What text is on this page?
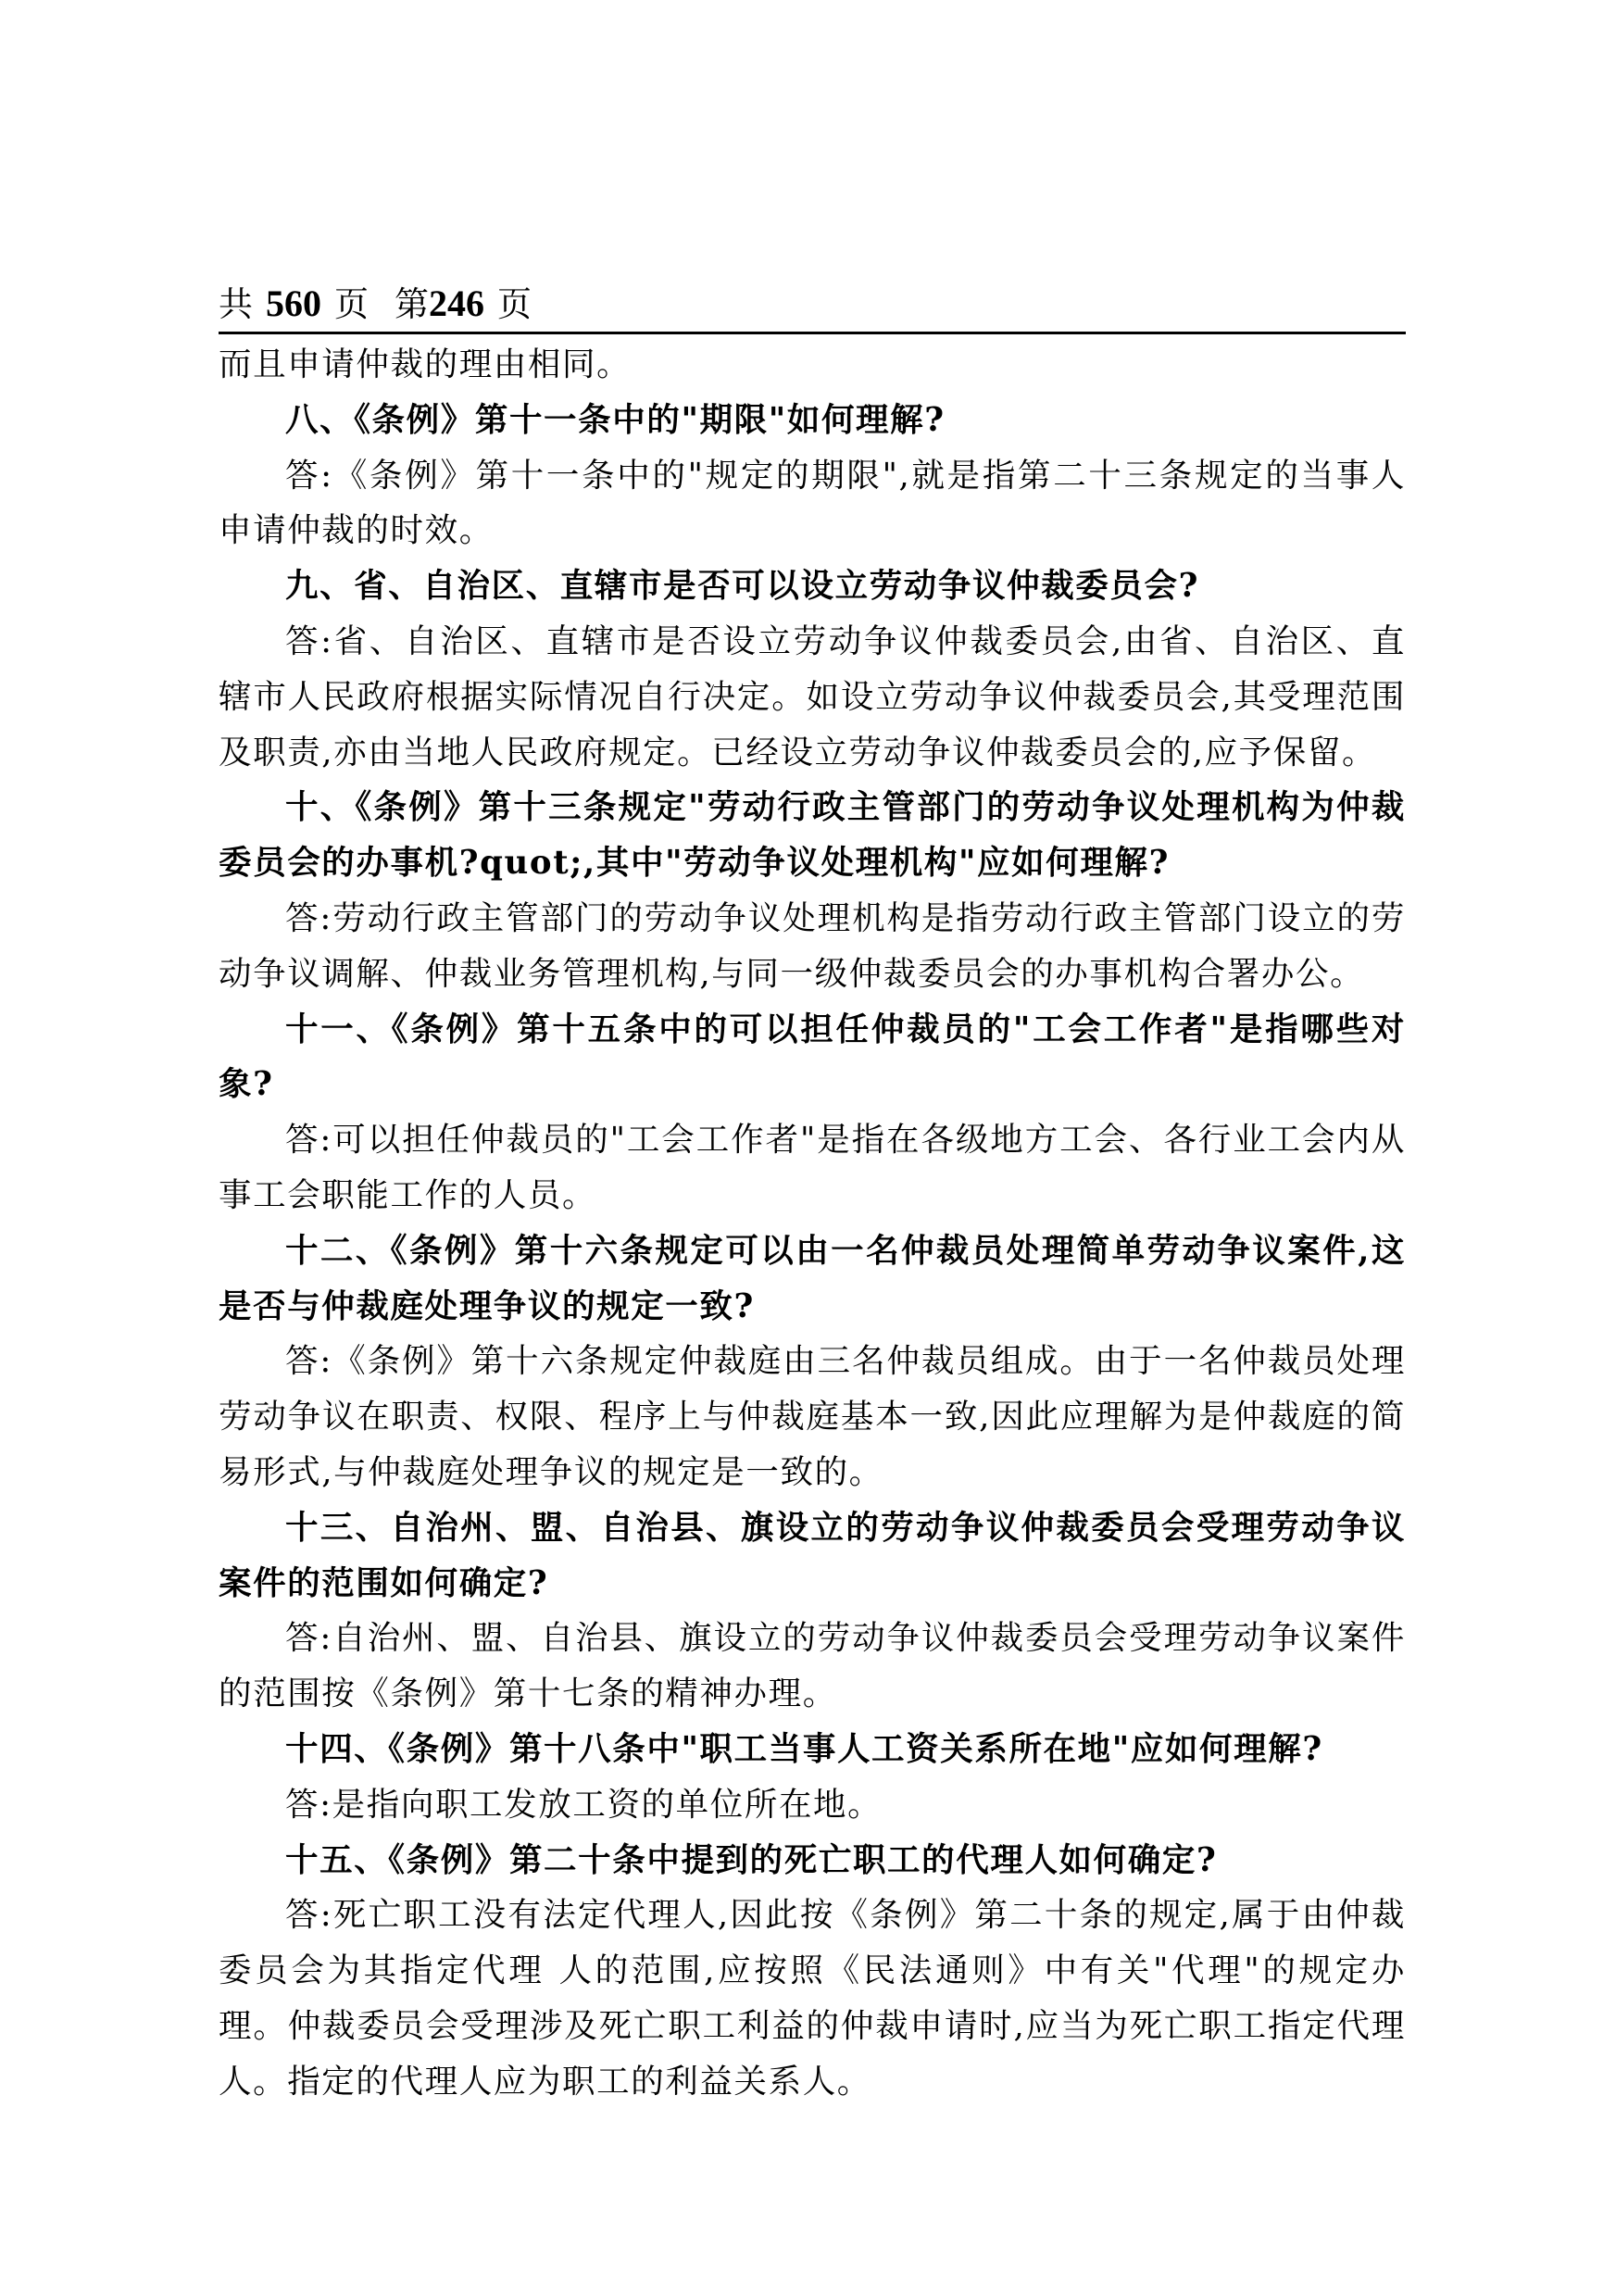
共 560 页 第246 页

而且申请仲裁的理由相同。

八、《条例》第十一条中的"期限"如何理解?

答:《条例》第十一条中的"规定的期限",就是指第二十三条规定的当事人申请仲裁的时效。

九、省、自治区、直辖市是否可以设立劳动争议仲裁委员会?

答:省、自治区、直辖市是否设立劳动争议仲裁委员会,由省、自治区、直辖市人民政府根据实际情况自行决定。如设立劳动争议仲裁委员会,其受理范围及职责,亦由当地人民政府规定。已经设立劳动争议仲裁委员会的,应予保留。

十、《条例》第十三条规定"劳动行政主管部门的劳动争议处理机构为仲裁委员会的办事机?quot;,其中"劳动争议处理机构"应如何理解?

答:劳动行政主管部门的劳动争议处理机构是指劳动行政主管部门设立的劳动争议调解、仲裁业务管理机构,与同一级仲裁委员会的办事机构合署办公。

十一、《条例》第十五条中的可以担任仲裁员的"工会工作者"是指哪些对象?

答:可以担任仲裁员的"工会工作者"是指在各级地方工会、各行业工会内从事工会职能工作的人员。

十二、《条例》第十六条规定可以由一名仲裁员处理简单劳动争议案件,这是否与仲裁庭处理争议的规定一致?

答:《条例》第十六条规定仲裁庭由三名仲裁员组成。由于一名仲裁员处理劳动争议在职责、权限、程序上与仲裁庭基本一致,因此应理解为是仲裁庭的简易形式,与仲裁庭处理争议的规定是一致的。

十三、自治州、盟、自治县、旗设立的劳动争议仲裁委员会受理劳动争议案件的范围如何确定?

答:自治州、盟、自治县、旗设立的劳动争议仲裁委员会受理劳动争议案件的范围按《条例》第十七条的精神办理。

十四、《条例》第十八条中"职工当事人工资关系所在地"应如何理解?

答:是指向职工发放工资的单位所在地。

十五、《条例》第二十条中提到的死亡职工的代理人如何确定?

答:死亡职工没有法定代理人,因此按《条例》第二十条的规定,属于由仲裁委员会为其指定代理 人的范围,应按照《民法通则》中有关"代理"的规定办理。仲裁委员会受理涉及死亡职工利益的仲裁申请时,应当为死亡职工指定代理人。指定的代理人应为职工的利益关系人。
